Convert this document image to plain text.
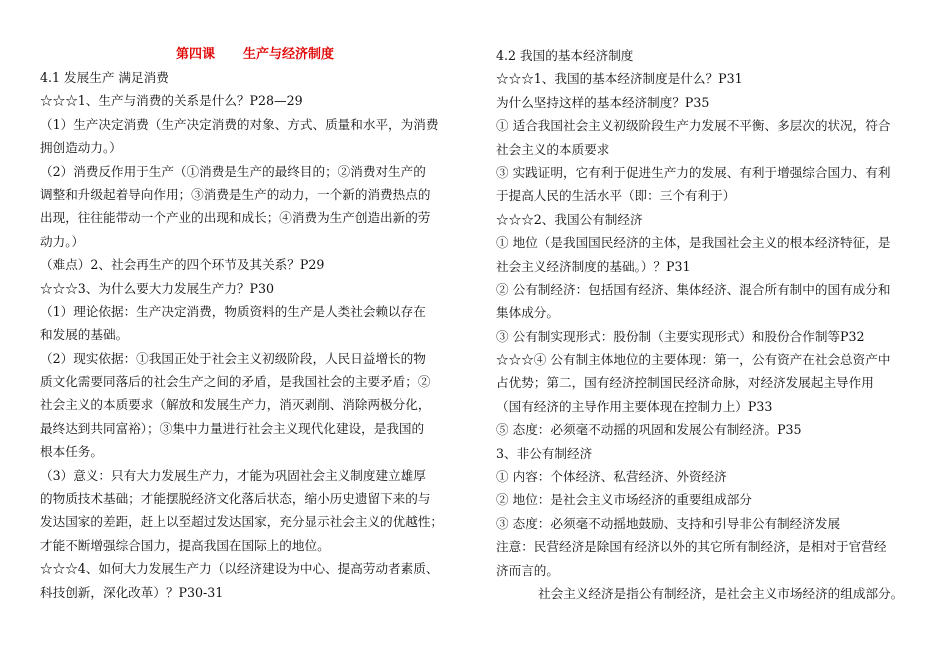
第四课 生产与经济制度
4.1 发展生产 满足消费
☆☆☆1、生产与消费的关系是什么？P28—29
（1）生产决定消费（生产决定消费的对象、方式、质量和水平，为消费
拥创造动力。）
（2）消费反作用于生产（①消费是生产的最终目的；②消费对生产的
调整和升级起着导向作用；③消费是生产的动力，一个新的消费热点的
出现，往往能带动一个产业的出现和成长；④消费为生产创造出新的劳
动力。）
（难点）2、社会再生产的四个环节及其关系？P29
☆☆☆3、为什么要大力发展生产力？P30
（1）理论依据：生产决定消费，物质资料的生产是人类社会赖以存在
和发展的基础。
（2）现实依据：①我国正处于社会主义初级阶段，人民日益增长的物
质文化需要同落后的社会生产之间的矛盾，是我国社会的主要矛盾；②
社会主义的本质要求（解放和发展生产力，消灭剥削、消除两极分化，
最终达到共同富裕）；③集中力量进行社会主义现代化建设，是我国的
根本任务。
（3）意义：只有大力发展生产力，才能为巩固社会主义制度建立雄厚
的物质技术基础；才能摆脱经济文化落后状态，缩小历史遗留下来的与
发达国家的差距，赶上以至超过发达国家，充分显示社会主义的优越性；
才能不断增强综合国力，提高我国在国际上的地位。
☆☆☆4、如何大力发展生产力（以经济建设为中心、提高劳动者素质、
科技创新，深化改革）？P30-31
4.2 我国的基本经济制度
☆☆☆1、我国的基本经济制度是什么？P31
为什么坚持这样的基本经济制度？P35
① 适合我国社会主义初级阶段生产力发展不平衡、多层次的状况，符合
社会主义的本质要求
③ 实践证明，它有利于促进生产力的发展、有利于增强综合国力、有利
于提高人民的生活水平（即：三个有利于）
☆☆☆2、我国公有制经济
① 地位（是我国国民经济的主体，是我国社会主义的根本经济特征，是
社会主义经济制度的基础。）？P31
② 公有制经济：包括国有经济、集体经济、混合所有制中的国有成分和
集体成分。
③ 公有制实现形式：股份制（主要实现形式）和股份合作制等P32
☆☆☆④ 公有制主体地位的主要体现：第一，公有资产在社会总资产中
占优势；第二，国有经济控制国民经济命脉，对经济发展起主导作用
（国有经济的主导作用主要体现在控制力上）P33
⑤ 态度：必须毫不动摇的巩固和发展公有制经济。P35
3、非公有制经济
① 内容：个体经济、私营经济、外资经济
② 地位：是社会主义市场经济的重要组成部分
③ 态度：必须毫不动摇地鼓励、支持和引导非公有制经济发展
注意：民营经济是除国有经济以外的其它所有制经济，是相对于官营经
济而言的。
社会主义经济是指公有制经济，是社会主义市场经济的组成部分。
